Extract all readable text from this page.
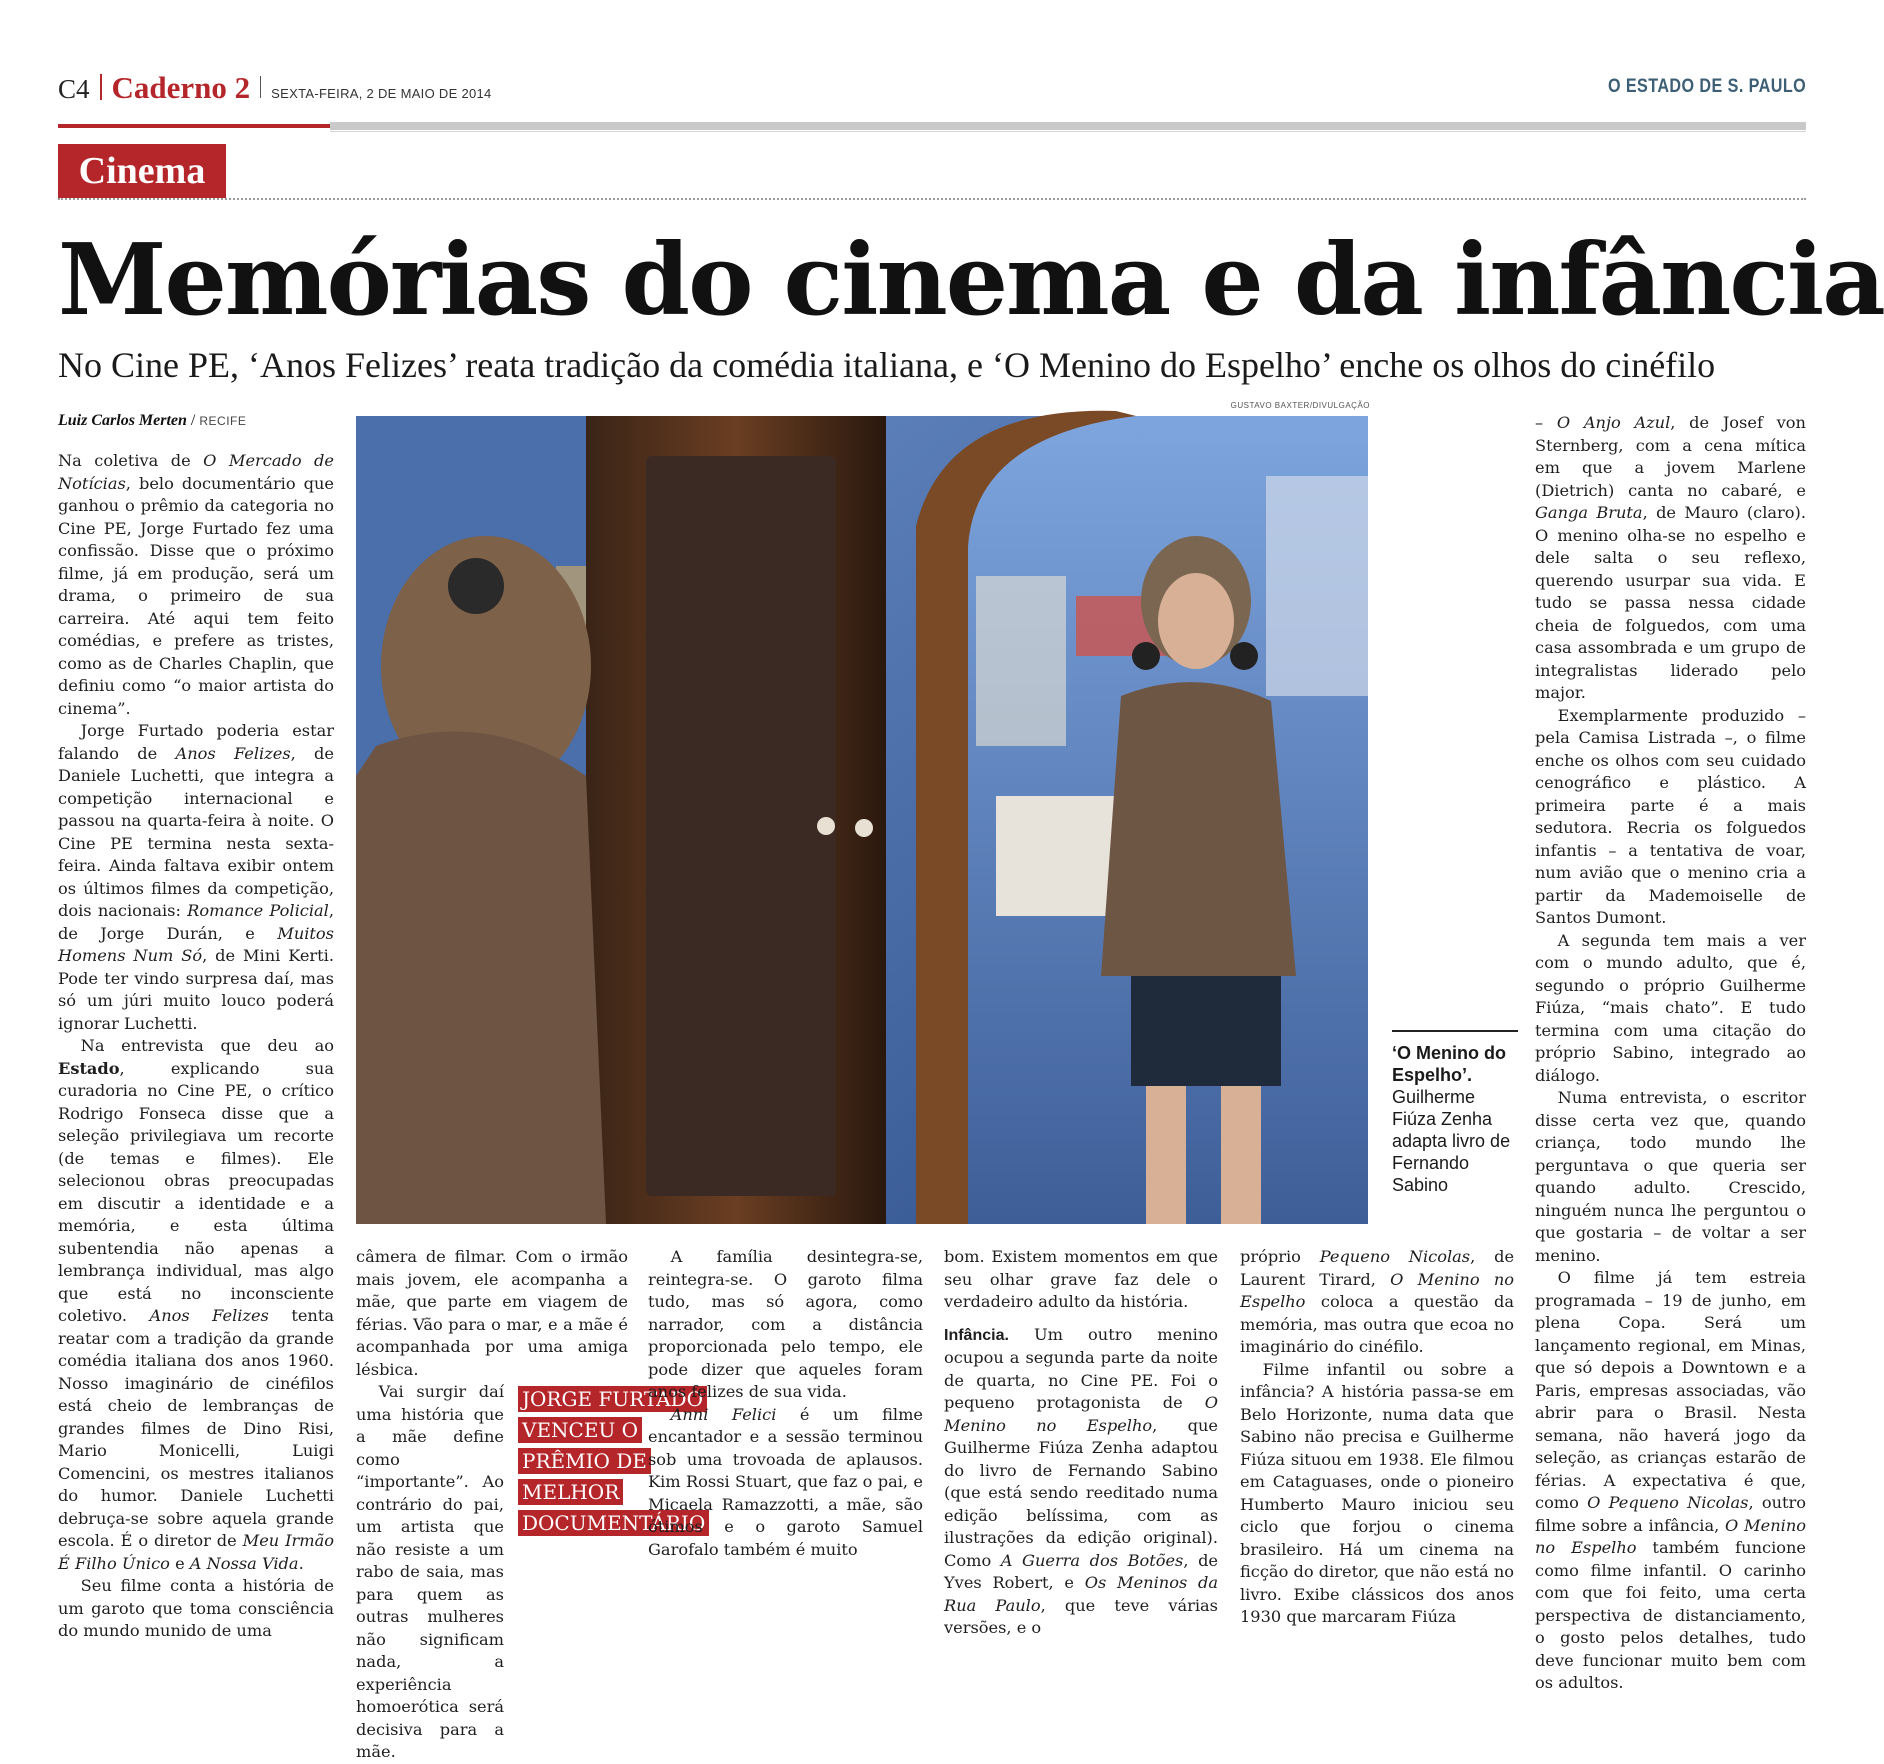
C4 Caderno 2 SEXTA-FEIRA, 2 DE MAIO DE 2014	O ESTADO DE S. PAULO
Cinema
Memórias do cinema e da infância
No Cine PE, ‘Anos Felizes’ reata tradição da comédia italiana, e ‘O Menino do Espelho’ enche os olhos do cinéfilo
Luiz Carlos Merten / RECIFE

Na coletiva de O Mercado de Notícias, belo documentário que ganhou o prêmio da categoria no Cine PE, Jorge Furtado fez uma confissão. Disse que o próximo filme, já em produção, será um drama, o primeiro de sua carreira. Até aqui tem feito comédias, e prefere as tristes, como as de Charles Chaplin, que definiu como “o maior artista do cinema”.

Jorge Furtado poderia estar falando de Anos Felizes, de Daniele Luchetti, que integra a competição internacional e passou na quarta-feira à noite. O Cine PE termina nesta sexta-feira. Ainda faltava exibir ontem os últimos filmes da competição, dois nacionais: Romance Policial, de Jorge Durán, e Muitos Homens Num Só, de Mini Kerti. Pode ter vindo surpresa daí, mas só um júri muito louco poderá ignorar Luchetti.

Na entrevista que deu ao Estado, explicando sua curadoria no Cine PE, o crítico Rodrigo Fonseca disse que a seleção privilegiava um recorte (de temas e filmes). Ele selecionou obras preocupadas em discutir a identidade e a memória, e esta última subentendia não apenas a lembrança individual, mas algo que está no inconsciente coletivo. Anos Felizes tenta reatar com a tradição da grande comédia italiana dos anos 1960. Nosso imaginário de cinéfilos está cheio de lembranças de grandes filmes de Dino Risi, Mario Monicelli, Luigi Comencini, os mestres italianos do humor. Daniele Luchetti debruça-se sobre aquela grande escola. É o diretor de Meu Irmão É Filho Único e A Nossa Vida.

Seu filme conta a história de um garoto que toma consciência do mundo munido de uma

GUSTAVO BAXTER/DIVULGAÇÃO
‘O Menino do Espelho’. Guilherme Fiúza Zenha adapta livro de Fernando Sabino

câmera de filmar. Com o irmão mais jovem, ele acompanha a mãe, que parte em viagem de férias. Vão para o mar, e a mãe é acompanhada por uma amiga lésbica.

Vai surgir daí uma história que a mãe define como “importante”. Ao contrário do pai, um artista que não resiste a um rabo de saia, mas para quem as outras mulheres não significam nada, a experiência homoerótica será decisiva para a mãe.

JORGE FURTADO VENCEU O PRÊMIO DE MELHOR DOCUMENTÁRIO

A família desintegra-se, reintegra-se. O garoto filma tudo, mas só agora, como narrador, com a distância proporcionada pelo tempo, ele pode dizer que aqueles foram anos felizes de sua vida.

Anni Felici é um filme encantador e a sessão terminou sob uma trovoada de aplausos. Kim Rossi Stuart, que faz o pai, e Micaela Ramazzotti, a mãe, são ótimos e o garoto Samuel Garofalo também é muito

bom. Existem momentos em que seu olhar grave faz dele o verdadeiro adulto da história.

Infância. Um outro menino ocupou a segunda parte da noite de quarta, no Cine PE. Foi o pequeno protagonista de O Menino no Espelho, que Guilherme Fiúza Zenha adaptou do livro de Fernando Sabino (que está sendo reeditado numa edição belíssima, com as ilustrações da edição original). Como A Guerra dos Botões, de Yves Robert, e Os Meninos da Rua Paulo, que teve várias versões, e o

próprio Pequeno Nicolas, de Laurent Tirard, O Menino no Espelho coloca a questão da memória, mas outra que ecoa no imaginário do cinéfilo.

Filme infantil ou sobre a infância? A história passa-se em Belo Horizonte, numa data que Sabino não precisa e Guilherme Fiúza situou em 1938. Ele filmou em Cataguases, onde o pioneiro Humberto Mauro iniciou seu ciclo que forjou o cinema brasileiro. Há um cinema na ficção do diretor, que não está no livro. Exibe clássicos dos anos 1930 que marcaram Fiúza

– O Anjo Azul, de Josef von Sternberg, com a cena mítica em que a jovem Marlene (Dietrich) canta no cabaré, e Ganga Bruta, de Mauro (claro). O menino olha-se no espelho e dele salta o seu reflexo, querendo usurpar sua vida. E tudo se passa nessa cidade cheia de folguedos, com uma casa assombrada e um grupo de integralistas liderado pelo major.

Exemplarmente produzido – pela Camisa Listrada –, o filme enche os olhos com seu cuidado cenográfico e plástico. A primeira parte é a mais sedutora. Recria os folguedos infantis – a tentativa de voar, num avião que o menino cria a partir da Mademoiselle de Santos Dumont.

A segunda tem mais a ver com o mundo adulto, que é, segundo o próprio Guilherme Fiúza, “mais chato”. E tudo termina com uma citação do próprio Sabino, integrado ao diálogo.

Numa entrevista, o escritor disse certa vez que, quando criança, todo mundo lhe perguntava o que queria ser quando adulto. Crescido, ninguém nunca lhe perguntou o que gostaria – de voltar a ser menino.

O filme já tem estreia programada – 19 de junho, em plena Copa. Será um lançamento regional, em Minas, que só depois a Downtown e a Paris, empresas associadas, vão abrir para o Brasil. Nesta semana, não haverá jogo da seleção, as crianças estarão de férias. A expectativa é que, como O Pequeno Nicolas, outro filme sobre a infância, O Menino no Espelho também funcione como filme infantil. O carinho com que foi feito, uma certa perspectiva de distanciamento, o gosto pelos detalhes, tudo deve funcionar muito bem com os adultos.
